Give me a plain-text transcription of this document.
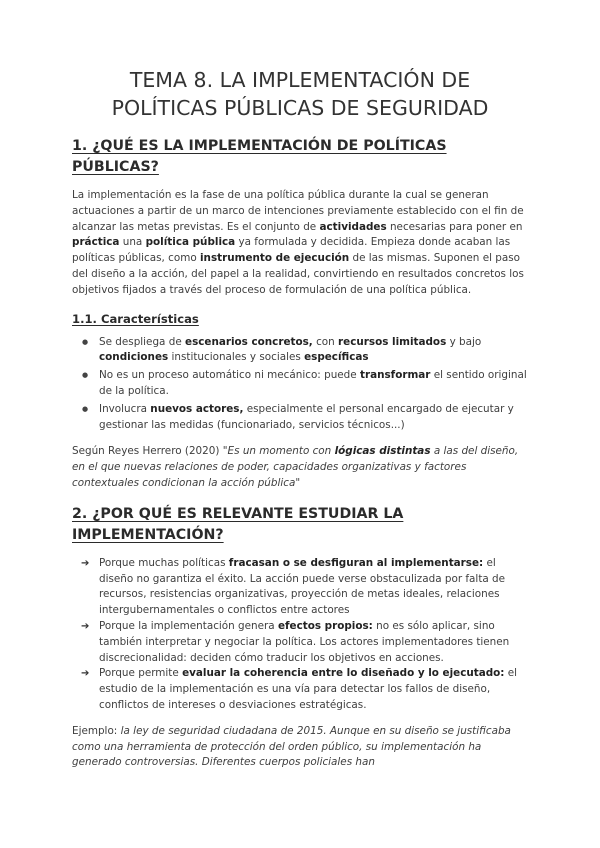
TEMA 8. LA IMPLEMENTACIÓN DE
POLÍTICAS PÚBLICAS DE SEGURIDAD
1. ¿QUÉ ES LA IMPLEMENTACIÓN DE POLÍTICAS PÚBLICAS?

La implementación es la fase de una política pública durante la cual se generan actuaciones a partir de un marco de intenciones previamente establecido con el fin de alcanzar las metas previstas. Es el conjunto de actividades necesarias para poner en práctica una política pública ya formulada y decidida. Empieza donde acaban las políticas públicas, como instrumento de ejecución de las mismas. Suponen el paso del diseño a la acción, del papel a la realidad, convirtiendo en resultados concretos los objetivos fijados a través del proceso de formulación de una política pública.

1.1. Características
● Se despliega de escenarios concretos, con recursos limitados y bajo condiciones institucionales y sociales específicas
● No es un proceso automático ni mecánico: puede transformar el sentido original de la política.
● Involucra nuevos actores, especialmente el personal encargado de ejecutar y gestionar las medidas (funcionariado, servicios técnicos...)

Según Reyes Herrero (2020) "Es un momento con lógicas distintas a las del diseño, en el que nuevas relaciones de poder, capacidades organizativas y factores contextuales condicionan la acción pública"

2. ¿POR QUÉ ES RELEVANTE ESTUDIAR LA
IMPLEMENTACIÓN?
➔ Porque muchas políticas fracasan o se desfiguran al implementarse: el diseño no garantiza el éxito. La acción puede verse obstaculizada por falta de recursos, resistencias organizativas, proyección de metas ideales, relaciones intergubernamentales o conflictos entre actores
➔ Porque la implementación genera efectos propios: no es sólo aplicar, sino también interpretar y negociar la política. Los actores implementadores tienen discrecionalidad: deciden cómo traducir los objetivos en acciones.
➔ Porque permite evaluar la coherencia entre lo diseñado y lo ejecutado: el estudio de la implementación es una vía para detectar los fallos de diseño, conflictos de intereses o desviaciones estratégicas.

Ejemplo: la ley de seguridad ciudadana de 2015. Aunque en su diseño se justificaba como una herramienta de protección del orden público, su implementación ha generado controversias. Diferentes cuerpos policiales han
